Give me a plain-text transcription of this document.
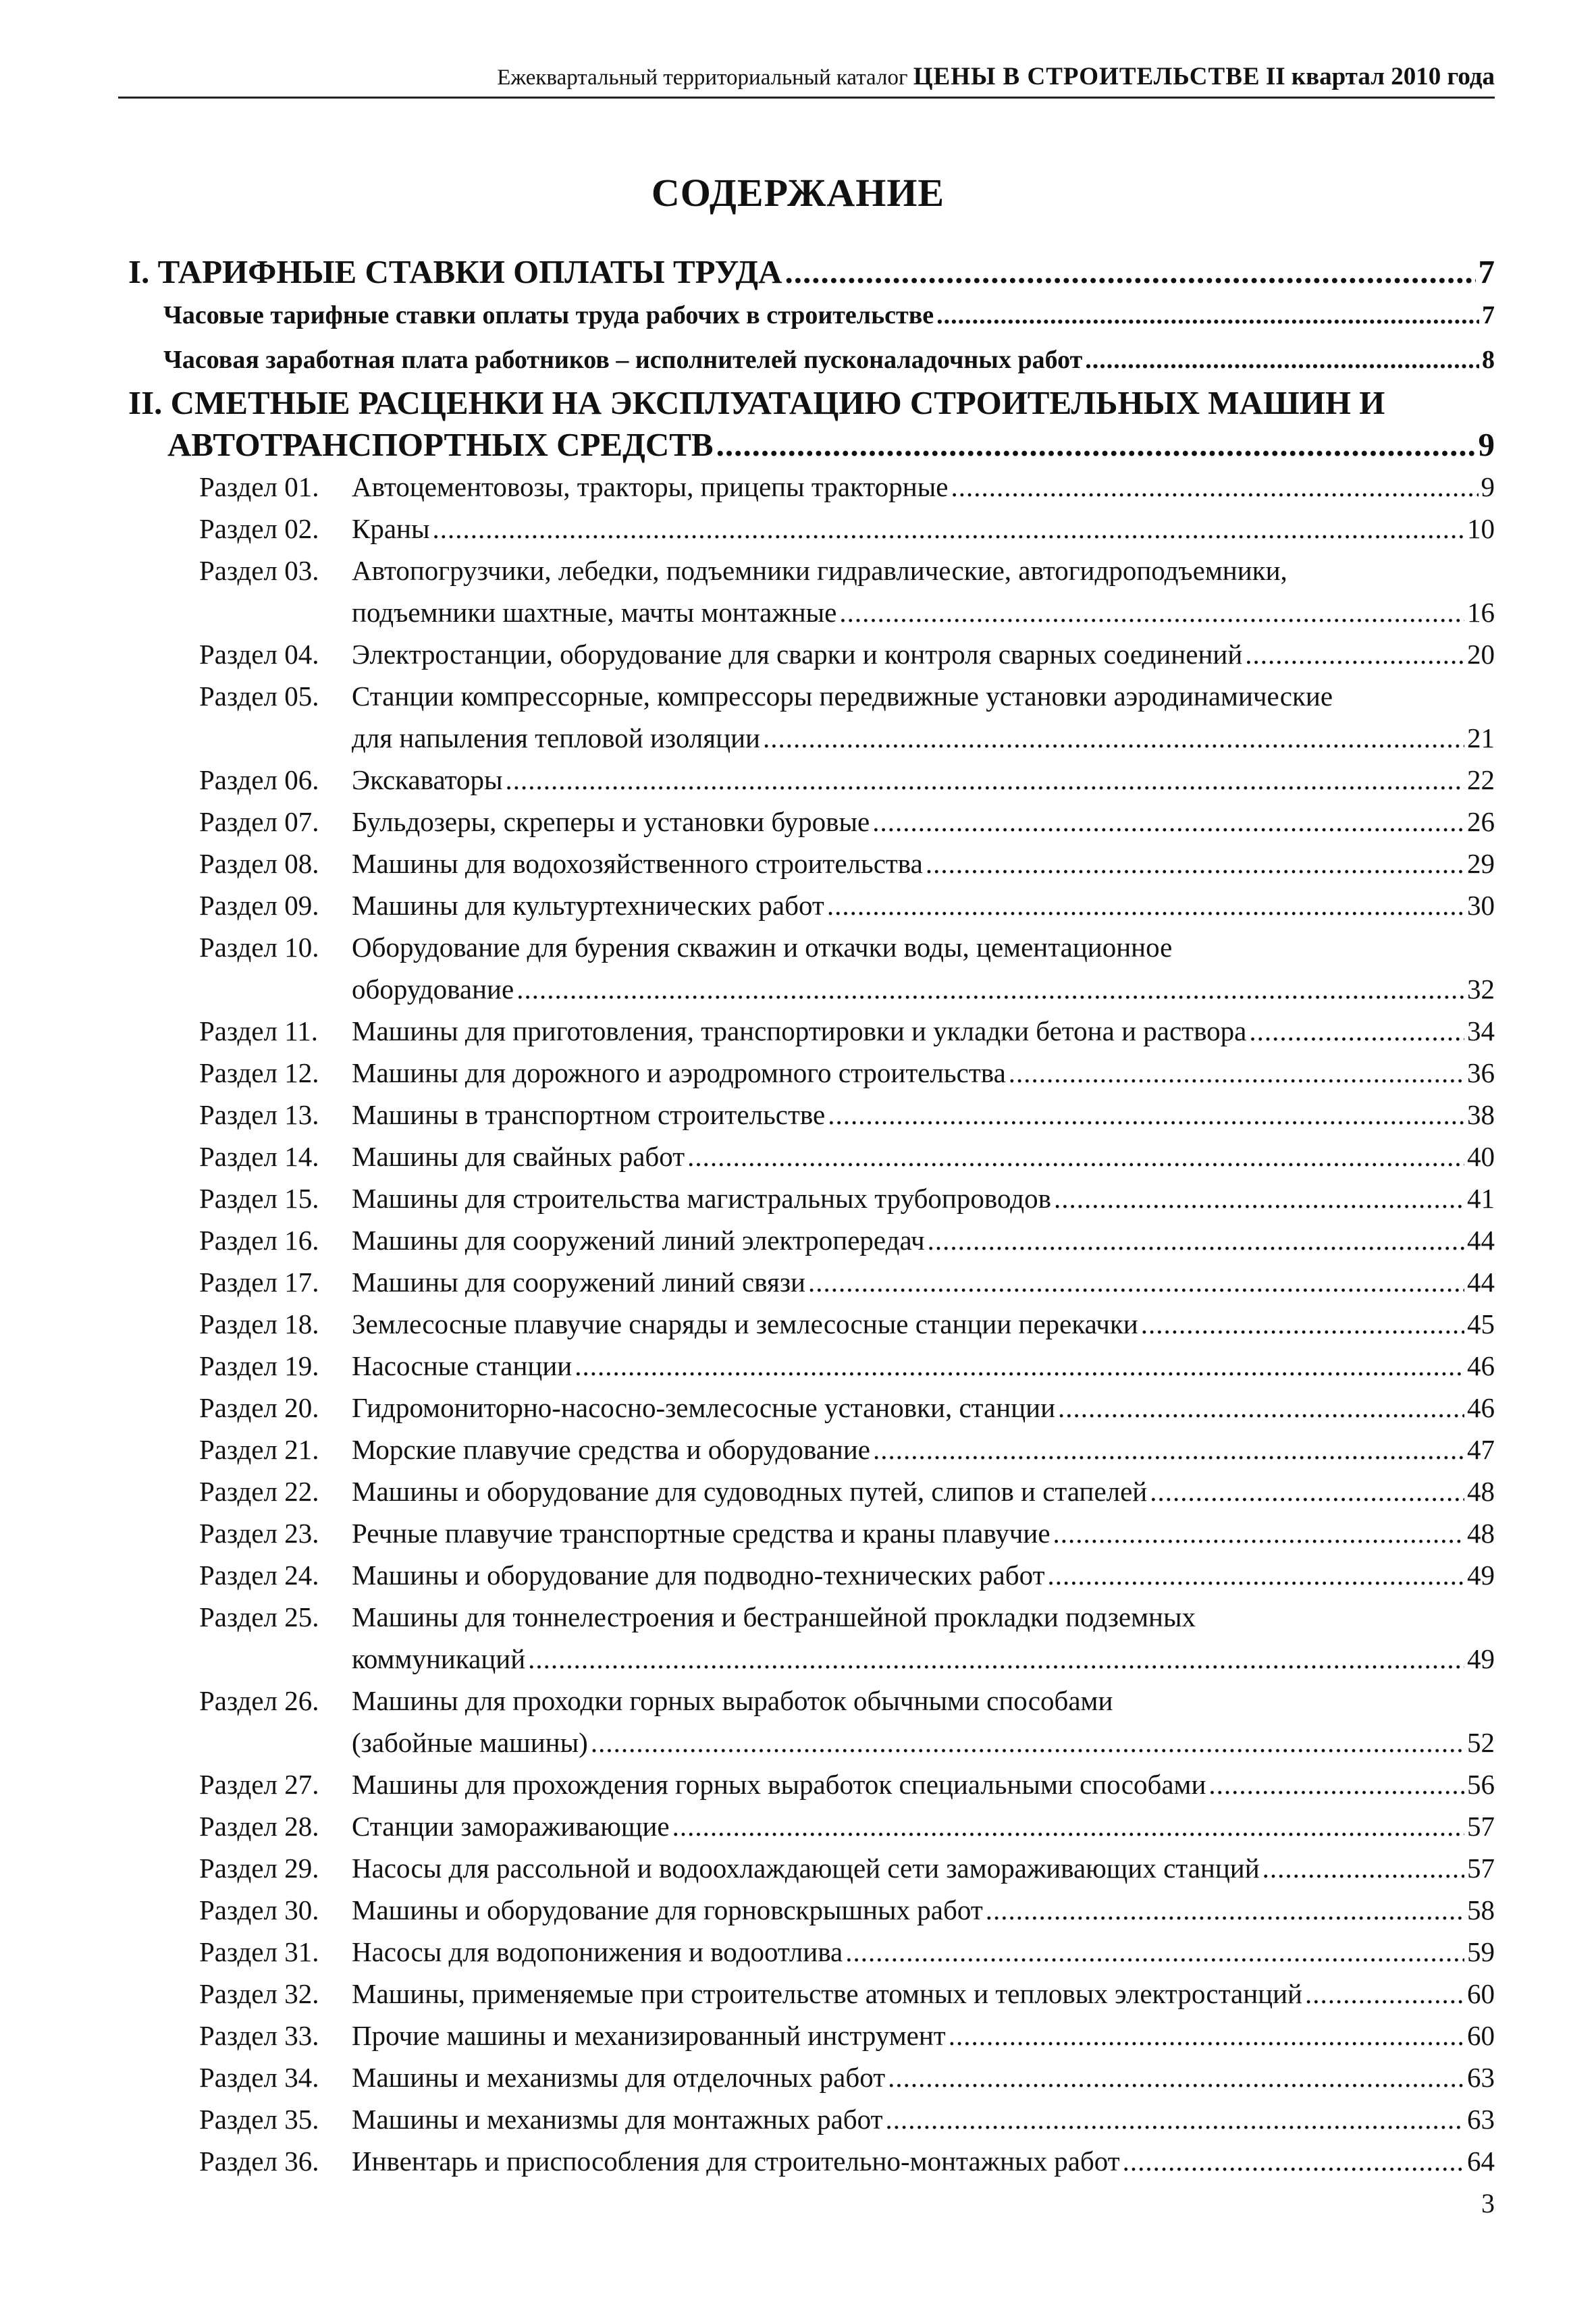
Ежеквартальный территориальный каталог ЦЕНЫ В СТРОИТЕЛЬСТВЕ II квартал 2010 года
СОДЕРЖАНИЕ
I. ТАРИФНЫЕ СТАВКИ ОПЛАТЫ ТРУДА .....	7
Часовые тарифные ставки оплаты труда рабочих в строительстве .....	7
Часовая заработная плата работников – исполнителей пусконаладочных работ .....	8
II. СМЕТНЫЕ РАСЦЕНКИ НА ЭКСПЛУАТАЦИЮ СТРОИТЕЛЬНЫХ МАШИН И
АВТОТРАНСПОРТНЫХ СРЕДСТВ .....	9
Раздел 01. Автоцементовозы, тракторы, прицепы тракторные .....	9
Раздел 02. Краны .....	10
Раздел 03. Автопогрузчики, лебедки, подъемники гидравлические, автогидроподъемники,
подъемники шахтные, мачты монтажные .....	16
Раздел 04. Электростанции, оборудование для сварки и контроля сварных соединений .....	20
Раздел 05. Станции компрессорные, компрессоры передвижные установки аэродинамические
для напыления тепловой изоляции .....	21
Раздел 06. Экскаваторы .....	22
Раздел 07. Бульдозеры, скреперы и установки буровые .....	26
Раздел 08. Машины для водохозяйственного строительства .....	29
Раздел 09. Машины для культуртехнических работ .....	30
Раздел 10. Оборудование для бурения скважин и откачки воды, цементационное
оборудование .....	32
Раздел 11. Машины для приготовления, транспортировки и укладки бетона и раствора .....	34
Раздел 12. Машины для дорожного и аэродромного строительства .....	36
Раздел 13. Машины в транспортном строительстве .....	38
Раздел 14. Машины для свайных работ .....	40
Раздел 15. Машины для строительства магистральных трубопроводов .....	41
Раздел 16. Машины для сооружений линий электропередач .....	44
Раздел 17. Машины для сооружений линий связи .....	44
Раздел 18. Землесосные плавучие снаряды и землесосные станции перекачки .....	45
Раздел 19. Насосные станции .....	46
Раздел 20. Гидромониторно-насосно-землесосные установки, станции .....	46
Раздел 21. Морские плавучие средства и оборудование .....	47
Раздел 22. Машины и оборудование для судоводных путей, слипов и стапелей .....	48
Раздел 23. Речные плавучие транспортные средства и краны плавучие .....	48
Раздел 24. Машины и оборудование для подводно-технических работ .....	49
Раздел 25. Машины для тоннелестроения и бестраншейной прокладки подземных
коммуникаций .....	49
Раздел 26. Машины для проходки горных выработок обычными способами
(забойные машины) .....	52
Раздел 27. Машины для прохождения горных выработок специальными способами .....	56
Раздел 28. Станции замораживающие .....	57
Раздел 29. Насосы для рассольной и водоохлаждающей сети замораживающих станций .....	57
Раздел 30. Машины и оборудование для горновскрышных работ .....	58
Раздел 31. Насосы для водопонижения и водоотлива .....	59
Раздел 32. Машины, применяемые при строительстве атомных и тепловых электростанций .....	60
Раздел 33. Прочие машины и механизированный инструмент .....	60
Раздел 34. Машины и механизмы для отделочных работ .....	63
Раздел 35. Машины и механизмы для монтажных работ .....	63
Раздел 36. Инвентарь и приспособления для строительно-монтажных работ .....	64
3
